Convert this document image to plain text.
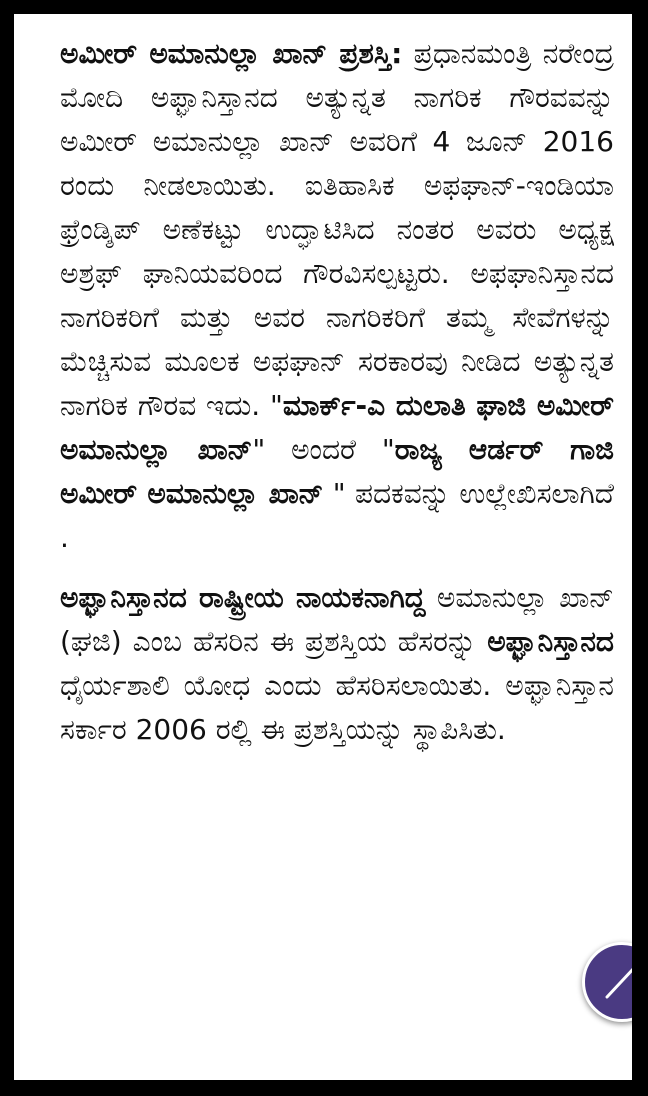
ಅಮೀರ್ ಅಮಾನುಲ್ಲಾ ಖಾನ್ ಪ್ರಶಸ್ತಿ: ಪ್ರಧಾನಮಂತ್ರಿ ನರೇಂದ್ರ ಮೋದಿ ಅಫ್ಘಾನಿಸ್ತಾನದ ಅತ್ಯುನ್ನತ ನಾಗರಿಕ ಗೌರವವನ್ನು ಅಮೀರ್ ಅಮಾನುಲ್ಲಾ ಖಾನ್ ಅವರಿಗೆ 4 ಜೂನ್ 2016 ರಂದು ನೀಡಲಾಯಿತು. ಐತಿಹಾಸಿಕ ಅಫಘಾನ್-ಇಂಡಿಯಾ ಫ್ರೆಂಡ್ಶಿಪ್ ಅಣೆಕಟ್ಟು ಉದ್ಘಾಟಿಸಿದ ನಂತರ ಅವರು ಅಧ್ಯಕ್ಷ ಅಶ್ರಫ್ ಘಾನಿಯವರಿಂದ ಗೌರವಿಸಲ್ಪಟ್ಟರು. ಅಫಘಾನಿಸ್ತಾನದ ನಾಗರಿಕರಿಗೆ ಮತ್ತು ಅವರ ನಾಗರಿಕರಿಗೆ ತಮ್ಮ ಸೇವೆಗಳನ್ನು ಮೆಚ್ಚಿಸುವ ಮೂಲಕ ಅಫಘಾನ್ ಸರಕಾರವು ನೀಡಿದ ಅತ್ಯುನ್ನತ ನಾಗರಿಕ ಗೌರವ ಇದು. "ಮಾರ್ಕ್-ಎ ದುಲಾತಿ ಘಾಜಿ ಅಮೀರ್ ಅಮಾನುಲ್ಲಾ ಖಾನ್" ಅಂದರೆ "ರಾಜ್ಯ ಆರ್ಡರ್ ಗಾಜಿ ಅಮೀರ್ ಅಮಾನುಲ್ಲಾ ಖಾನ್ " ಪದಕವನ್ನು ಉಲ್ಲೇಖಿಸಲಾಗಿದೆ .

ಅಫ್ಘಾನಿಸ್ತಾನದ ರಾಷ್ಟ್ರೀಯ ನಾಯಕನಾಗಿದ್ದ ಅಮಾನುಲ್ಲಾ ಖಾನ್ (ಘಜಿ) ಎಂಬ ಹೆಸರಿನ ಈ ಪ್ರಶಸ್ತಿಯ ಹೆಸರನ್ನು ಅಫ್ಘಾನಿಸ್ತಾನದ ಧೈರ್ಯಶಾಲಿ ಯೋಧ ಎಂದು ಹೆಸರಿಸಲಾಯಿತು. ಅಫ್ಘಾನಿಸ್ತಾನ ಸರ್ಕಾರ 2006 ರಲ್ಲಿ ಈ ಪ್ರಶಸ್ತಿಯನ್ನು ಸ್ಥಾಪಿಸಿತು.
